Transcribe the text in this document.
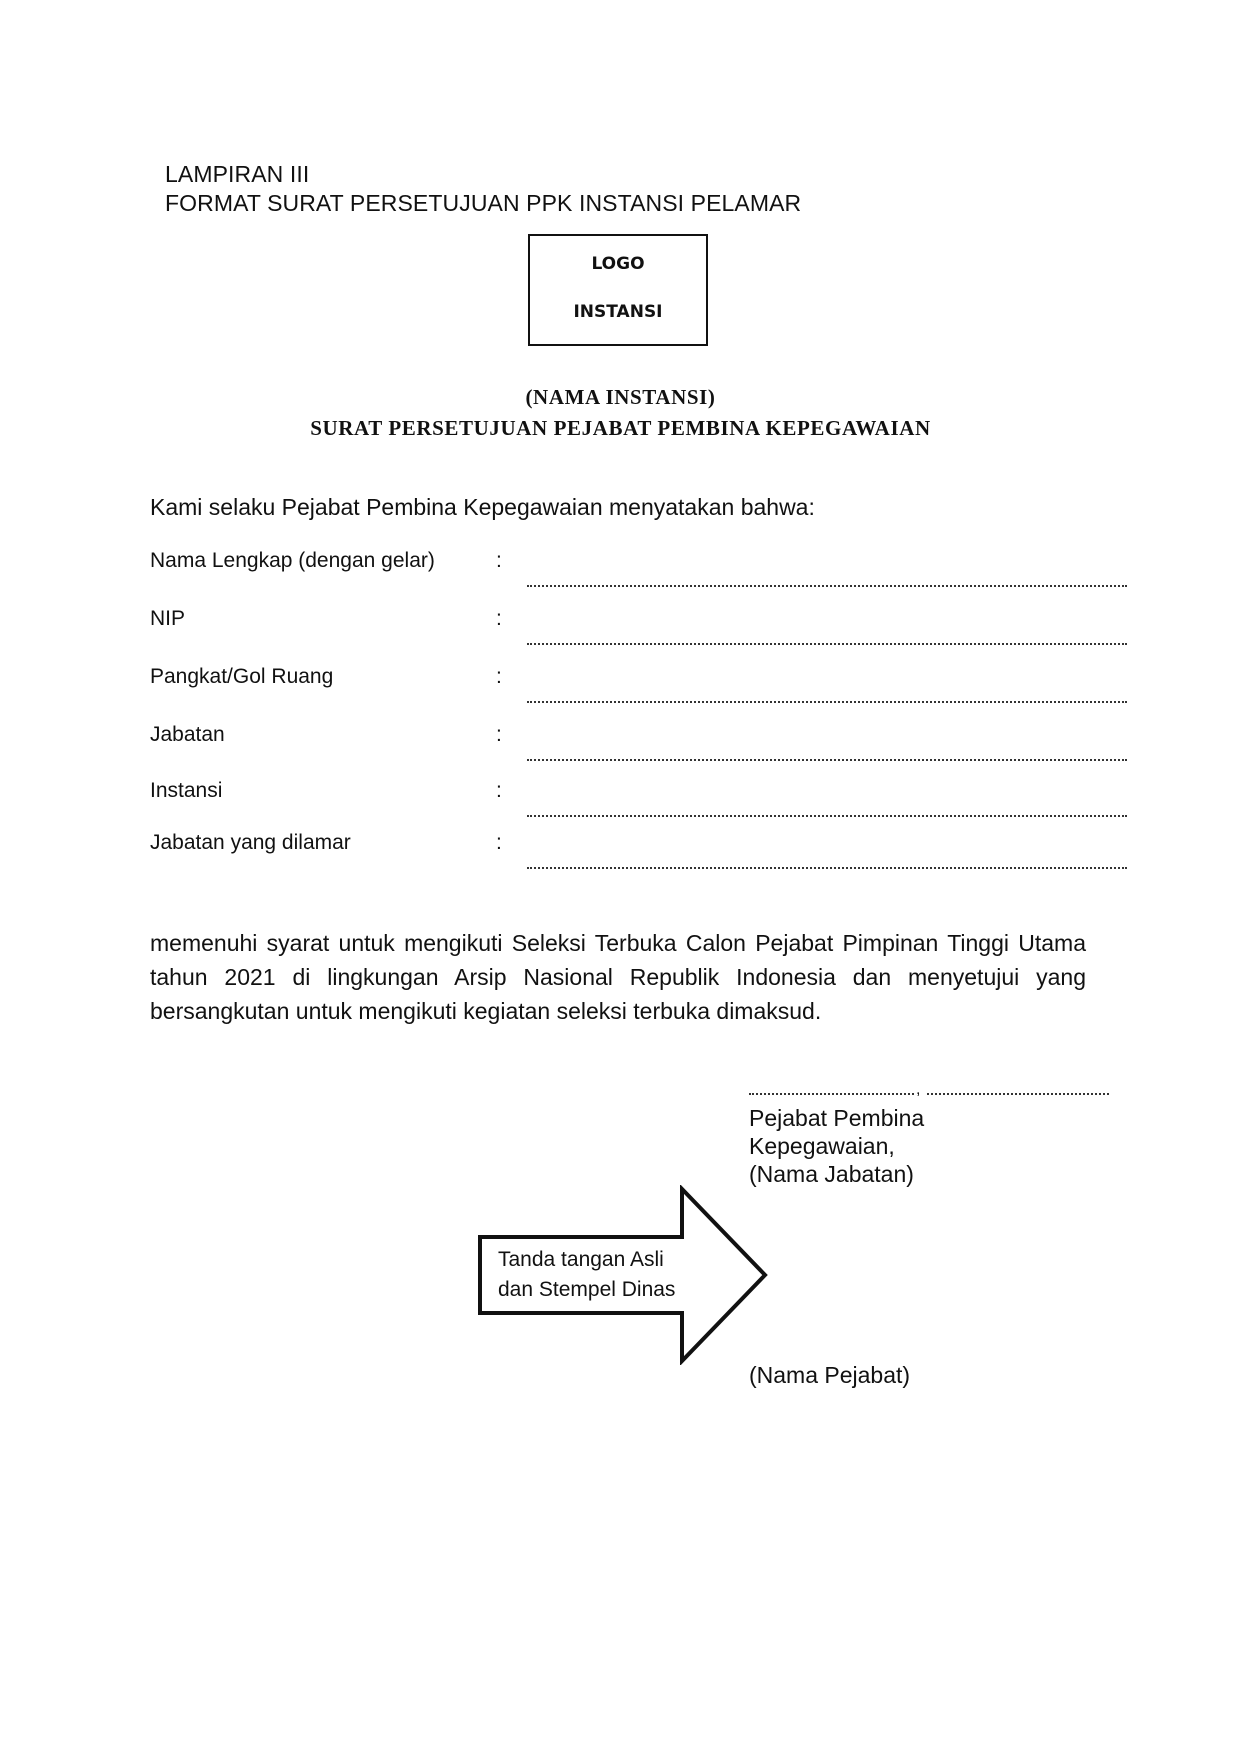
LAMPIRAN III
FORMAT SURAT PERSETUJUAN PPK INSTANSI PELAMAR
LOGO
INSTANSI
(NAMA INSTANSI)
SURAT PERSETUJUAN PEJABAT PEMBINA KEPEGAWAIAN
Kami selaku Pejabat Pembina Kepegawaian menyatakan bahwa:
Nama Lengkap (dengan gelar)	:
NIP	:
Pangkat/Gol Ruang	:
Jabatan	:
Instansi	:
Jabatan yang dilamar	:
memenuhi syarat untuk mengikuti Seleksi Terbuka Calon Pejabat Pimpinan Tinggi Utama tahun 2021 di lingkungan Arsip Nasional Republik Indonesia dan menyetujui yang bersangkutan untuk mengikuti kegiatan seleksi terbuka dimaksud.
,
Pejabat Pembina
Kepegawaian,
(Nama Jabatan)
Tanda tangan Asli
dan Stempel Dinas
(Nama Pejabat)
